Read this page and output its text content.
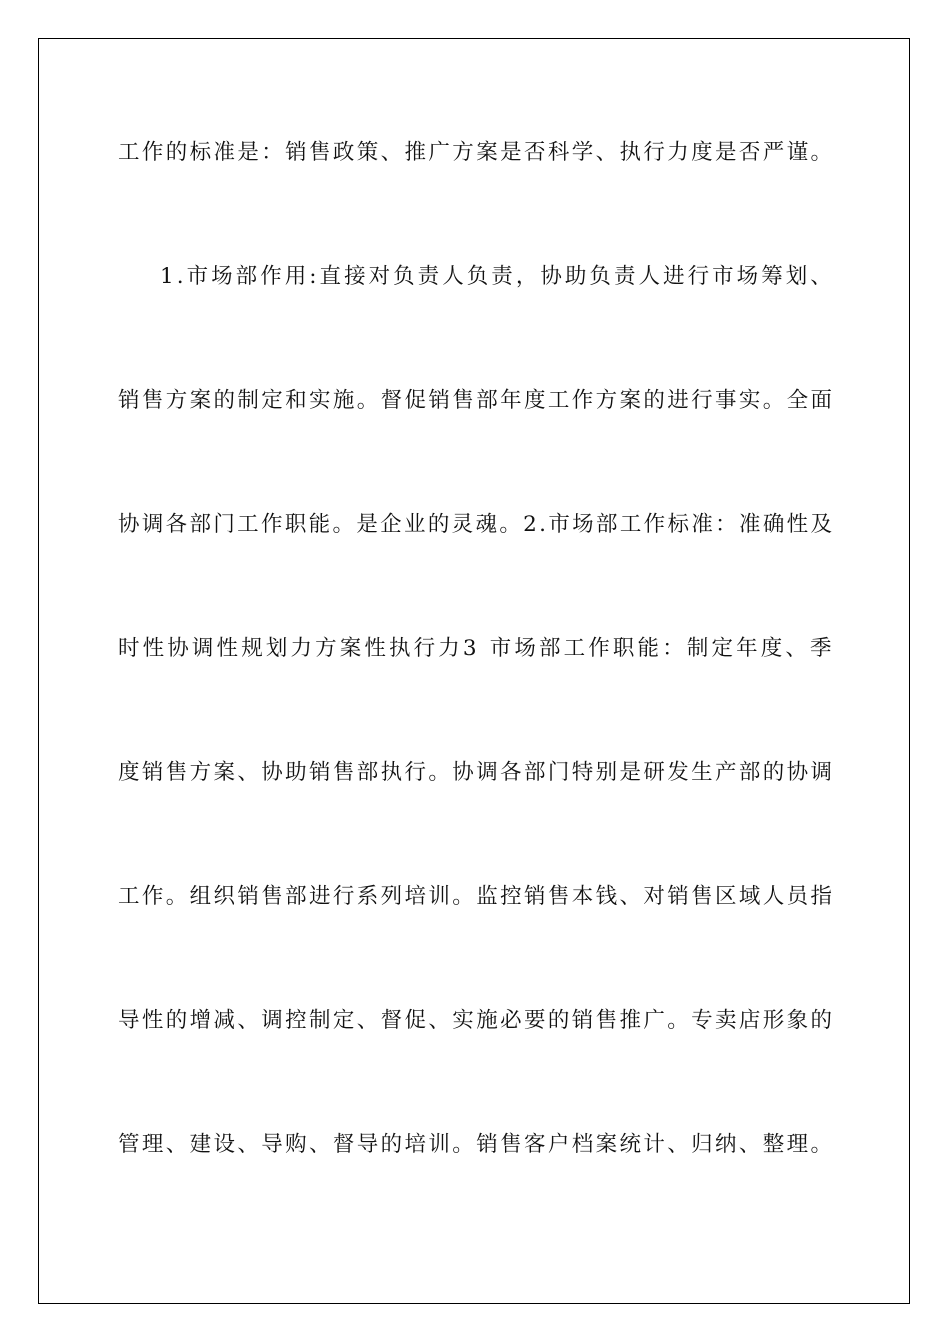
工作的标准是：销售政策、推广方案是否科学、执行力度是否严谨。
1.市场部作用:直接对负责人负责，协助负责人进行市场筹划、
销售方案的制定和实施。督促销售部年度工作方案的进行事实。全面
协调各部门工作职能。是企业的灵魂。2.市场部工作标准：准确性及
时性协调性规划力方案性执行力3 市场部工作职能：制定年度、季
度销售方案、协助销售部执行。协调各部门特别是研发生产部的协调
工作。组织销售部进行系列培训。监控销售本钱、对销售区域人员指
导性的增减、调控制定、督促、实施必要的销售推广。专卖店形象的
管理、建设、导购、督导的培训。销售客户档案统计、归纳、整理。
